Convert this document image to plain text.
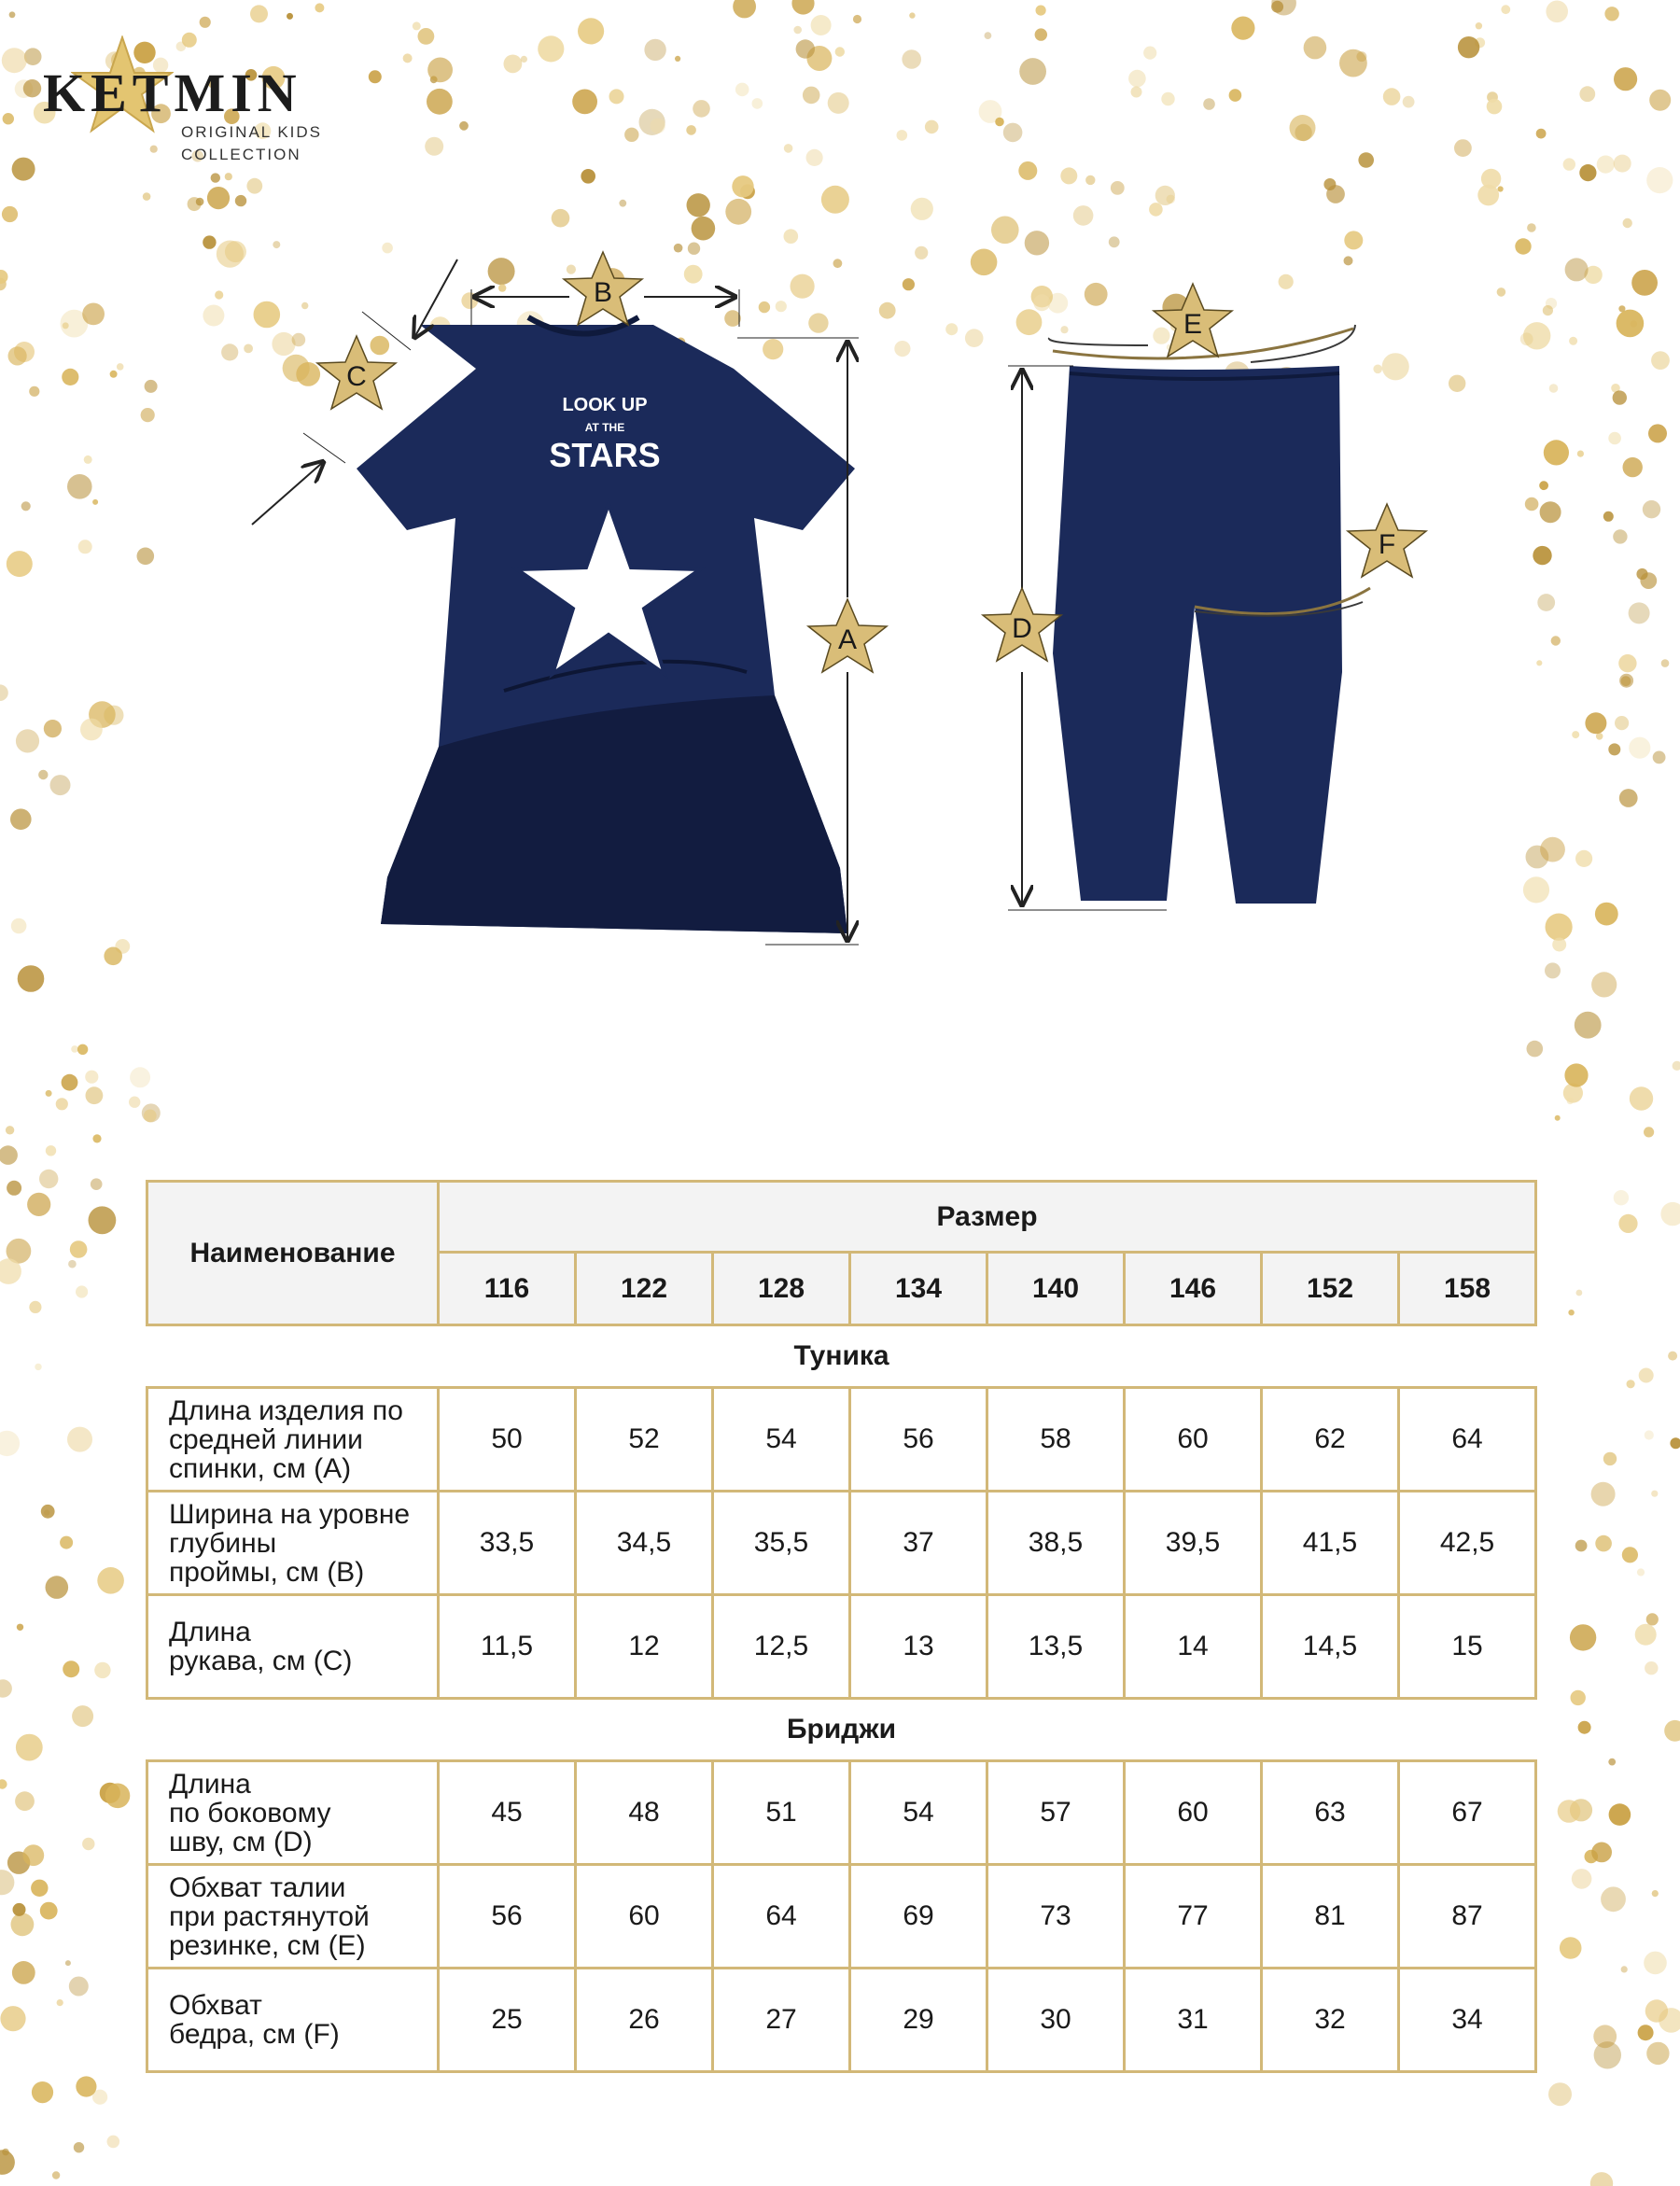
KETMIN
ORIGINAL KIDS
COLLECTION
LOOK UP
AT THE
STARS
B
C
A
E
D
F
Наименование	Размер							
	116	122	128	134	140	146	152	158
Туника								

Длина изделия по
средней линии
спинки, см (A)	50	52	54	56	58	60	62	64

Ширина на уровне
глубины
проймы, см (B)	33,5	34,5	35,5	37	38,5	39,5	41,5	42,5

Длина
рукава, см (C)	11,5	12	12,5	13	13,5	14	14,5	15
Бриджи								

Длина
по боковому
шву, см (D)	45	48	51	54	57	60	63	67

Обхват талии
при растянутой
резинке, см (E)	56	60	64	69	73	77	81	87

Обхват
бедра, см (F)	25	26	27	29	30	31	32	34
